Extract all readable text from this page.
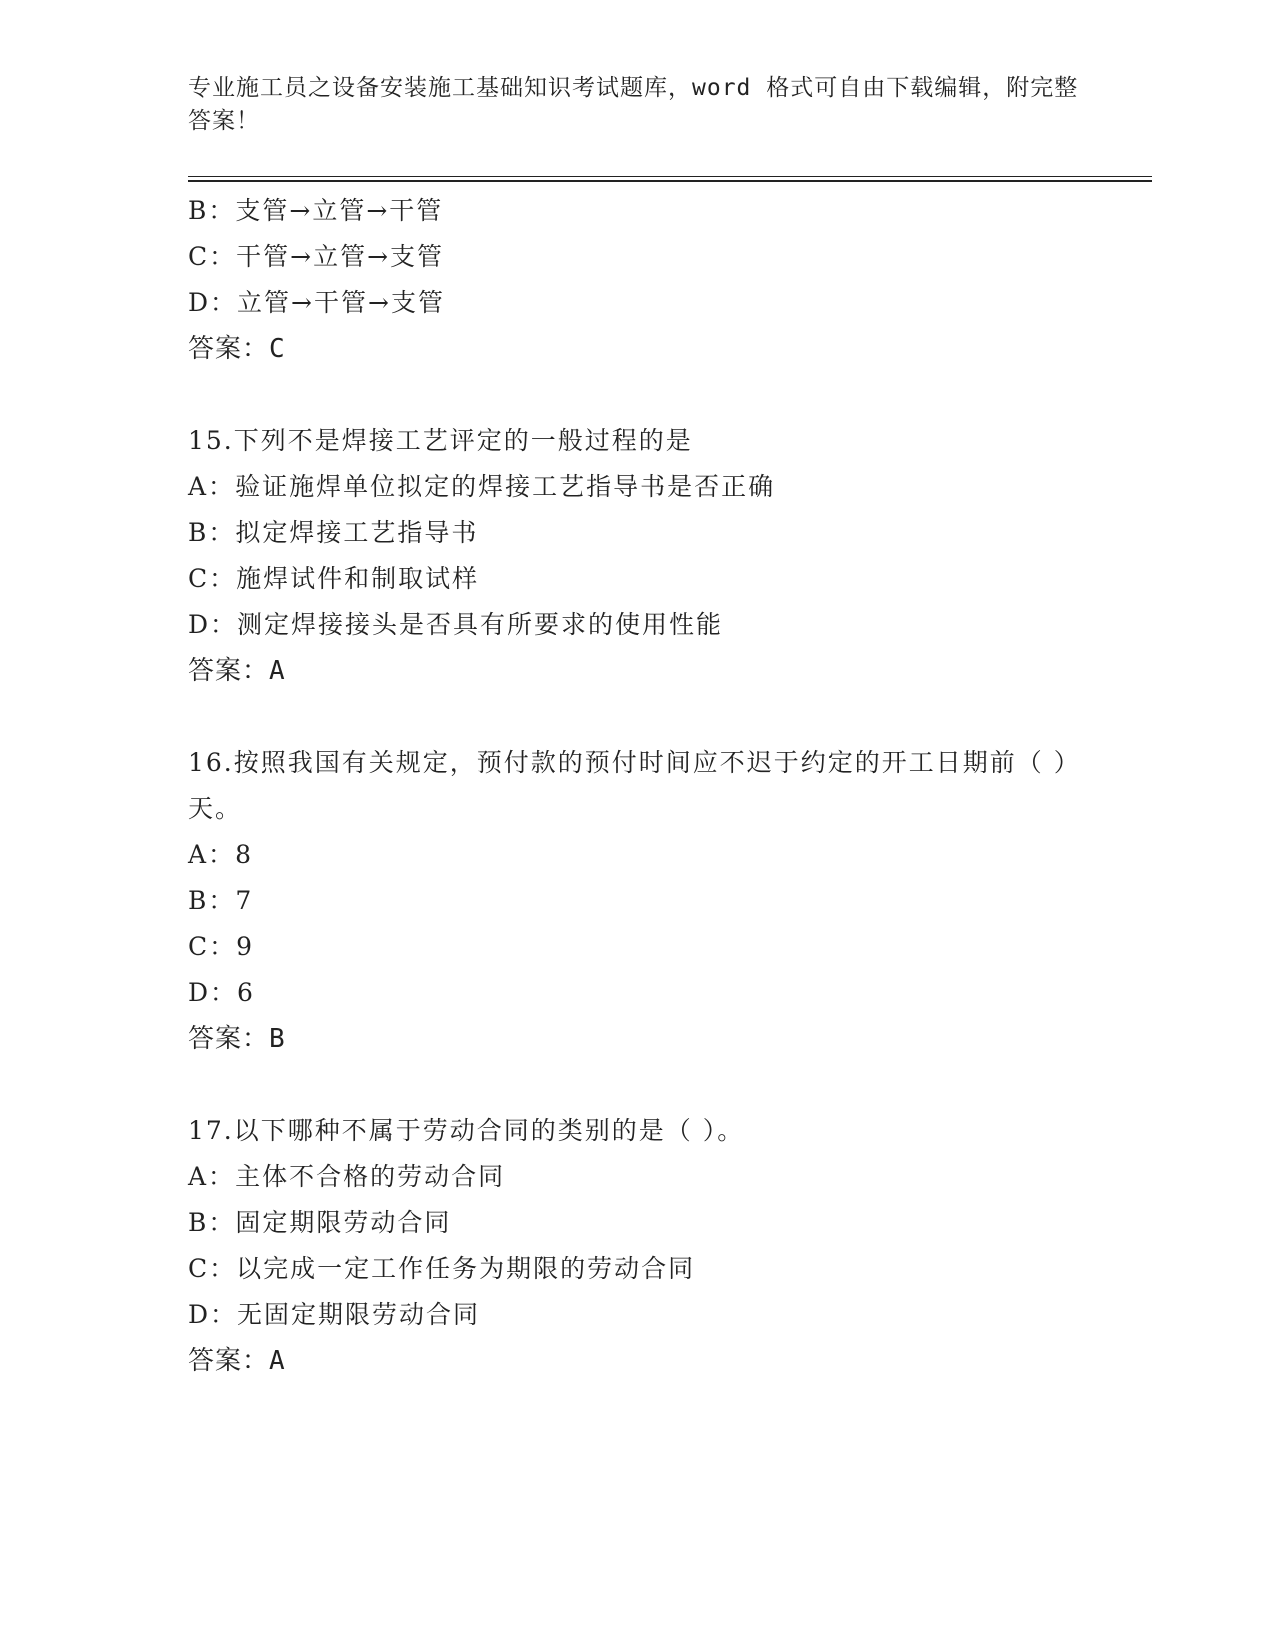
专业施工员之设备安装施工基础知识考试题库，word 格式可自由下载编辑，附完整答案！
B：支管→立管→干管
C：干管→立管→支管
D：立管→干管→支管
答案：C
15.下列不是焊接工艺评定的一般过程的是
A：验证施焊单位拟定的焊接工艺指导书是否正确
B：拟定焊接工艺指导书
C：施焊试件和制取试样
D：测定焊接接头是否具有所要求的使用性能
答案：A
16.按照我国有关规定，预付款的预付时间应不迟于约定的开工日期前（ ）天。
A：8
B：7
C：9
D：6
答案：B
17.以下哪种不属于劳动合同的类别的是（ ）。
A：主体不合格的劳动合同
B：固定期限劳动合同
C：以完成一定工作任务为期限的劳动合同
D：无固定期限劳动合同
答案：A
